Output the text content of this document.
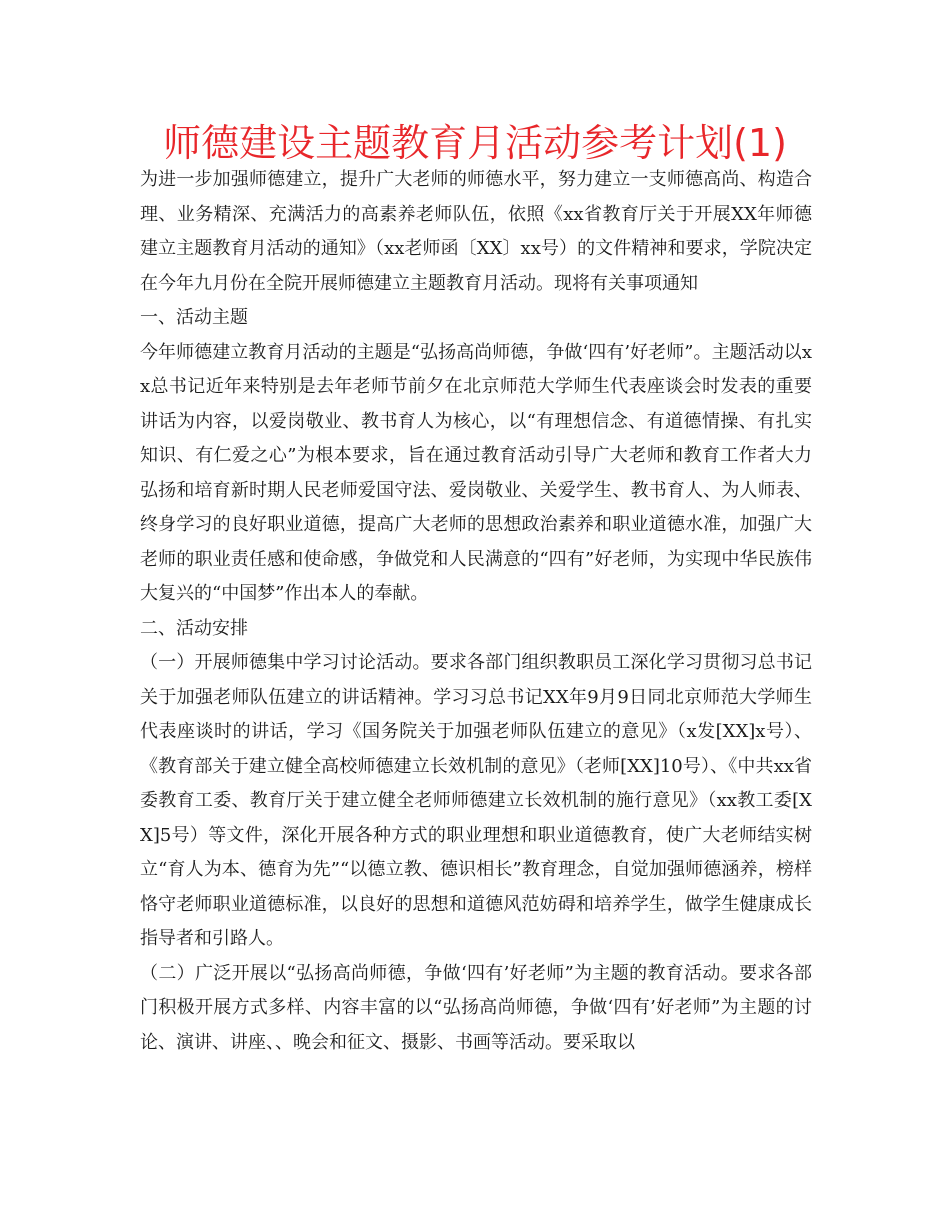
师德建设主题教育月活动参考计划(1)

为进一步加强师德建立，提升广大老师的师德水平，努力建立一支师德高尚、构造合理、业务精深、充满活力的高素养老师队伍，依照《xx省教育厅关于开展XX年师德建立主题教育月活动的通知》（xx老师函〔XX〕xx号）的文件精神和要求，学院决定在今年九月份在全院开展师德建立主题教育月活动。现将有关事项通知

一、活动主题

今年师德建立教育月活动的主题是“弘扬高尚师德，争做‘四有’好老师”。主题活动以xx总书记近年来特别是去年老师节前夕在北京师范大学师生代表座谈会时发表的重要讲话为内容，以爱岗敬业、教书育人为核心，以“有理想信念、有道德情操、有扎实知识、有仁爱之心”为根本要求，旨在通过教育活动引导广大老师和教育工作者大力弘扬和培育新时期人民老师爱国守法、爱岗敬业、关爱学生、教书育人、为人师表、终身学习的良好职业道德，提高广大老师的思想政治素养和职业道德水准，加强广大老师的职业责任感和使命感，争做党和人民满意的“四有”好老师，为实现中华民族伟大复兴的“中国梦”作出本人的奉献。

二、活动安排

（一）开展师德集中学习讨论活动。要求各部门组织教职员工深化学习贯彻习总书记关于加强老师队伍建立的讲话精神。学习习总书记XX年9月9日同北京师范大学师生代表座谈时的讲话，学习《国务院关于加强老师队伍建立的意见》（x发[XX]x号）、《教育部关于建立健全高校师德建立长效机制的意见》（老师[XX]10号）、《中共xx省委教育工委、教育厅关于建立健全老师师德建立长效机制的施行意见》（xx教工委[XX]5号）等文件，深化开展各种方式的职业理想和职业道德教育，使广大老师结实树立“育人为本、德育为先”“以德立教、德识相长”教育理念，自觉加强师德涵养，榜样恪守老师职业道德标准，以良好的思想和道德风范妨碍和培养学生，做学生健康成长指导者和引路人。

（二）广泛开展以“弘扬高尚师德，争做‘四有’好老师”为主题的教育活动。要求各部门积极开展方式多样、内容丰富的以“弘扬高尚师德，争做‘四有’好老师”为主题的讨论、演讲、讲座、、晚会和征文、摄影、书画等活动。要采取以
